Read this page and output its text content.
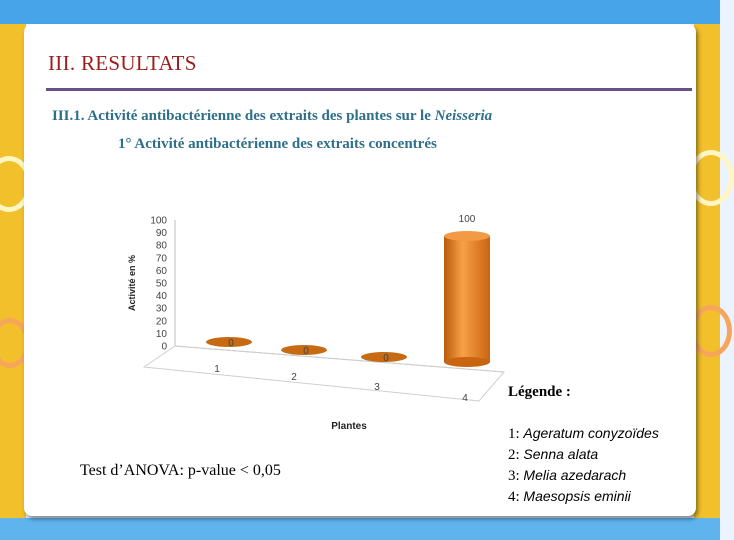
III. RESULTATS

III.1. Activité antibactérienne des extraits des plantes sur le Neisseria

1° Activité antibactérienne des extraits concentrés

0
10
20
30
40
50
60
70
80
90
100
Activité en %
Plantes
0
1
0
2
0
3
100
4
Test d’ANOVA: p-value < 0,05
Légende :
1: Ageratum conyzoïdes
2: Senna alata
3: Melia azedarach
4: Maesopsis eminii
